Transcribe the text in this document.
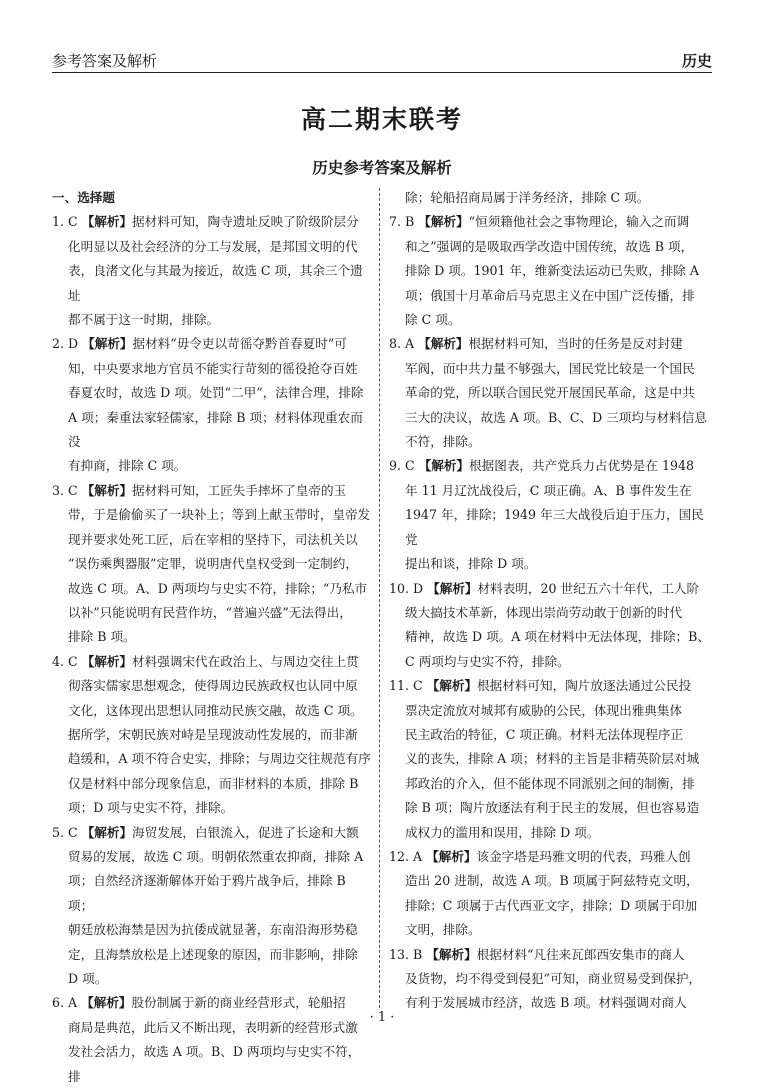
参考答案及解析	历史
高二期末联考
历史参考答案及解析
一、选择题
1. C 【解析】据材料可知，陶寺遗址反映了阶级阶层分
化明显以及社会经济的分工与发展，是邦国文明的代
表，良渚文化与其最为接近，故选 C 项，其余三个遗址
都不属于这一时期，排除。
2. D 【解析】据材料“毋令吏以苛徭夺黔首春夏时”可
知，中央要求地方官员不能实行苛刻的徭役抢夺百姓
春夏农时，故选 D 项。处罚“二甲”，法律合理，排除
A 项；秦重法家轻儒家，排除 B 项；材料体现重农而没
有抑商，排除 C 项。
3. C 【解析】据材料可知，工匠失手摔坏了皇帝的玉
带，于是偷偷买了一块补上；等到上献玉带时，皇帝发
现并要求处死工匠，后在宰相的坚持下，司法机关以
“误伤乘舆器服”定罪，说明唐代皇权受到一定制约，
故选 C 项。A、D 两项均与史实不符，排除；“乃私市
以补”只能说明有民营作坊，“普遍兴盛”无法得出，
排除 B 项。
4. C 【解析】材料强调宋代在政治上、与周边交往上贯
彻落实儒家思想观念，使得周边民族政权也认同中原
文化，这体现出思想认同推动民族交融，故选 C 项。
据所学，宋朝民族对峙是呈现波动性发展的，而非渐
趋缓和，A 项不符合史实，排除；与周边交往规范有序
仅是材料中部分现象信息，而非材料的本质，排除 B
项；D 项与史实不符，排除。
5. C 【解析】海贸发展，白银流入，促进了长途和大额
贸易的发展，故选 C 项。明朝依然重农抑商，排除 A
项；自然经济逐渐解体开始于鸦片战争后，排除 B 项；
朝廷放松海禁是因为抗倭成就显著，东南沿海形势稳
定，且海禁放松是上述现象的原因，而非影响，排除
D 项。
6. A 【解析】股份制属于新的商业经营形式，轮船招
商局是典范，此后又不断出现，表明新的经营形式激
发社会活力，故选 A 项。B、D 两项均与史实不符，排
除；轮船招商局属于洋务经济，排除 C 项。
7. B 【解析】“恒须籍他社会之事物理论，输入之而调
和之”强调的是吸取西学改造中国传统，故选 B 项，
排除 D 项。1901 年，维新变法运动已失败，排除 A
项；俄国十月革命后马克思主义在中国广泛传播，排
除 C 项。
8. A 【解析】根据材料可知，当时的任务是反对封建
军阀，而中共力量不够强大，国民党比较是一个国民
革命的党，所以联合国民党开展国民革命，这是中共
三大的决议，故选 A 项。B、C、D 三项均与材料信息
不符，排除。
9. C 【解析】根据图表，共产党兵力占优势是在 1948
年 11 月辽沈战役后，C 项正确。A、B 事件发生在
1947 年，排除；1949 年三大战役后迫于压力，国民党
提出和谈，排除 D 项。
10. D 【解析】材料表明，20 世纪五六十年代，工人阶
级大搞技术革新，体现出崇尚劳动敢于创新的时代
精神，故选 D 项。A 项在材料中无法体现，排除；B、
C 两项均与史实不符，排除。
11. C 【解析】根据材料可知，陶片放逐法通过公民投
票决定流放对城邦有威胁的公民，体现出雅典集体
民主政治的特征，C 项正确。材料无法体现程序正
义的丧失，排除 A 项；材料的主旨是非精英阶层对城
邦政治的介入，但不能体现不同派别之间的制衡，排
除 B 项；陶片放逐法有利于民主的发展，但也容易造
成权力的滥用和误用，排除 D 项。
12. A 【解析】该金字塔是玛雅文明的代表，玛雅人创
造出 20 进制，故选 A 项。B 项属于阿兹特克文明，
排除；C 项属于古代西亚文字，排除；D 项属于印加
文明，排除。
13. B 【解析】根据材料“凡往来瓦郎西安集市的商人
及货物，均不得受到侵犯”可知，商业贸易受到保护，
有利于发展城市经济，故选 B 项。材料强调对商人
· 1 ·
